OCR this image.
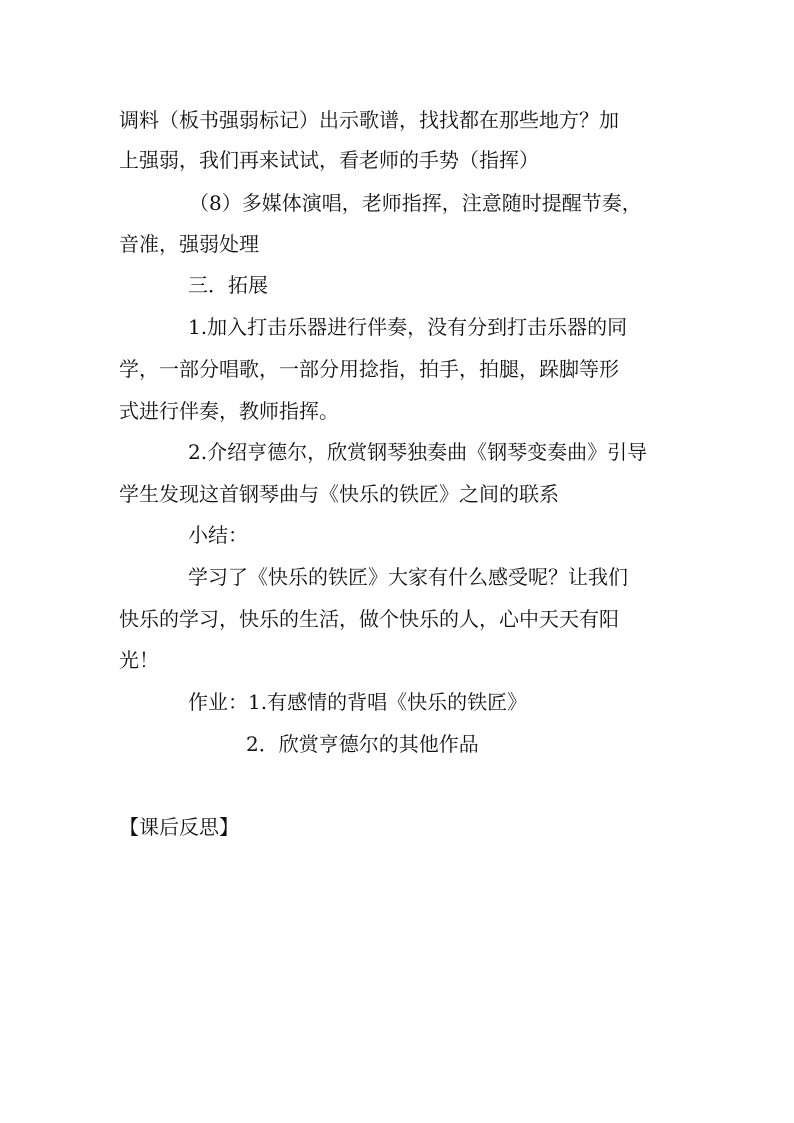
调料（板书强弱标记）出示歌谱，找找都在那些地方？加
上强弱，我们再来试试，看老师的手势（指挥）
（8）多媒体演唱，老师指挥，注意随时提醒节奏，
音准，强弱处理
三．拓展
1.加入打击乐器进行伴奏，没有分到打击乐器的同
学，一部分唱歌，一部分用捻指，拍手，拍腿，跺脚等形
式进行伴奏，教师指挥。
2.介绍亨德尔，欣赏钢琴独奏曲《钢琴变奏曲》引导
学生发现这首钢琴曲与《快乐的铁匠》之间的联系
小结：
学习了《快乐的铁匠》大家有什么感受呢？让我们
快乐的学习，快乐的生活，做个快乐的人，心中天天有阳
光！
作业：1.有感情的背唱《快乐的铁匠》
2．欣赏亨德尔的其他作品
【课后反思】
